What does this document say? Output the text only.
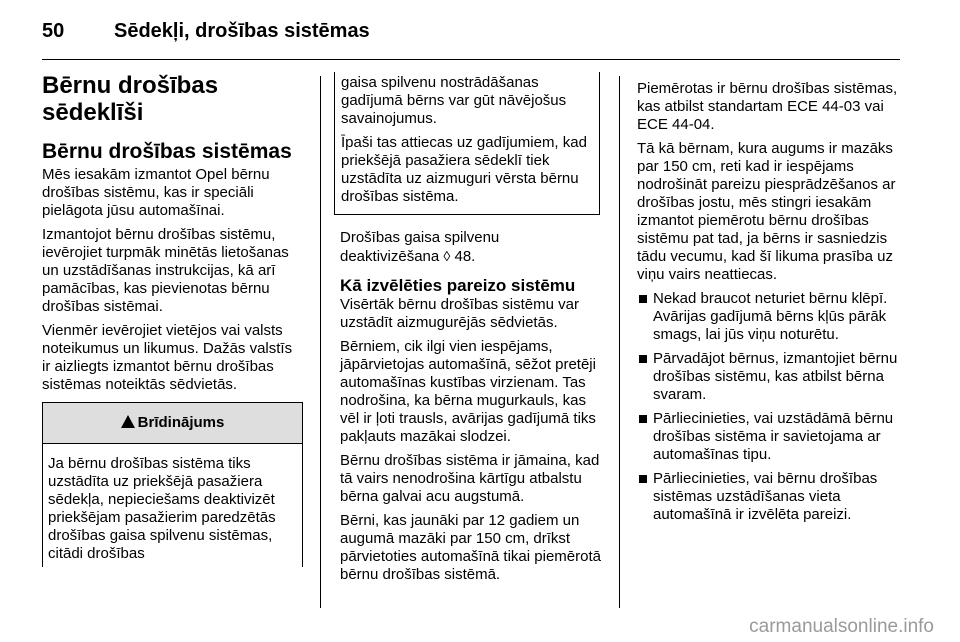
50 Sēdekļi, drošības sistēmas
Bērnu drošības
sēdeklīši
Bērnu drošības sistēmas

Mēs iesakām izmantot Opel bērnu drošības sistēmu, kas ir speciāli pielāgota jūsu automašīnai.

Izmantojot bērnu drošības sistēmu, ievērojiet turpmāk minētās lietošanas un uzstādīšanas instrukcijas, kā arī pamācības, kas pievienotas bērnu drošības sistēmai.

Vienmēr ievērojiet vietējos vai valsts noteikumus un likumus. Dažās valstīs ir aizliegts izmantot bērnu drošības sistēmas noteiktās sēdvietās.

Brīdinājums
Ja bērnu drošības sistēma tiks uzstādīta uz priekšējā pasažiera sēdekļa, nepieciešams deaktivizēt priekšējam pasažierim paredzētās drošības gaisa spilvenu sistēmas, citādi drošības

gaisa spilvenu nostrādāšanas gadījumā bērns var gūt nāvējošus savainojumus.

Īpaši tas attiecas uz gadījumiem, kad priekšējā pasažiera sēdeklī tiek uzstādīta uz aizmuguri vērsta bērnu drošības sistēma.

Drošības gaisa spilvenu deaktivizēšana ◊ 48.

Kā izvēlēties pareizo sistēmu

Visērtāk bērnu drošības sistēmu var uzstādīt aizmugurējās sēdvietās.

Bērniem, cik ilgi vien iespējams, jāpārvietojas automašīnā, sēžot pretēji automašīnas kustības virzienam. Tas nodrošina, ka bērna mugurkauls, kas vēl ir ļoti trausls, avārijas gadījumā tiks pakļauts mazākai slodzei.

Bērnu drošības sistēma ir jāmaina, kad tā vairs nenodrošina kārtīgu atbalstu bērna galvai acu augstumā.

Bērni, kas jaunāki par 12 gadiem un augumā mazāki par 150 cm, drīkst pārvietoties automašīnā tikai piemērotā bērnu drošības sistēmā.

Piemērotas ir bērnu drošības sistēmas, kas atbilst standartam ECE 44-03 vai ECE 44-04.

Tā kā bērnam, kura augums ir mazāks par 150 cm, reti kad ir iespējams nodrošināt pareizu piesprādzēšanos ar drošības jostu, mēs stingri iesakām izmantot piemērotu bērnu drošības sistēmu pat tad, ja bērns ir sasniedzis tādu vecumu, kad šī likuma prasība uz viņu vairs neattiecas.

Nekad braucot neturiet bērnu klēpī. Avārijas gadījumā bērns kļūs pārāk smags, lai jūs viņu noturētu.
Pārvadājot bērnus, izmantojiet bērnu drošības sistēmu, kas atbilst bērna svaram.
Pārliecinieties, vai uzstādāmā bērnu drošības sistēma ir savietojama ar automašīnas tipu.
Pārliecinieties, vai bērnu drošības sistēmas uzstādīšanas vieta automašīnā ir izvēlēta pareizi.
carmanualsonline.info
